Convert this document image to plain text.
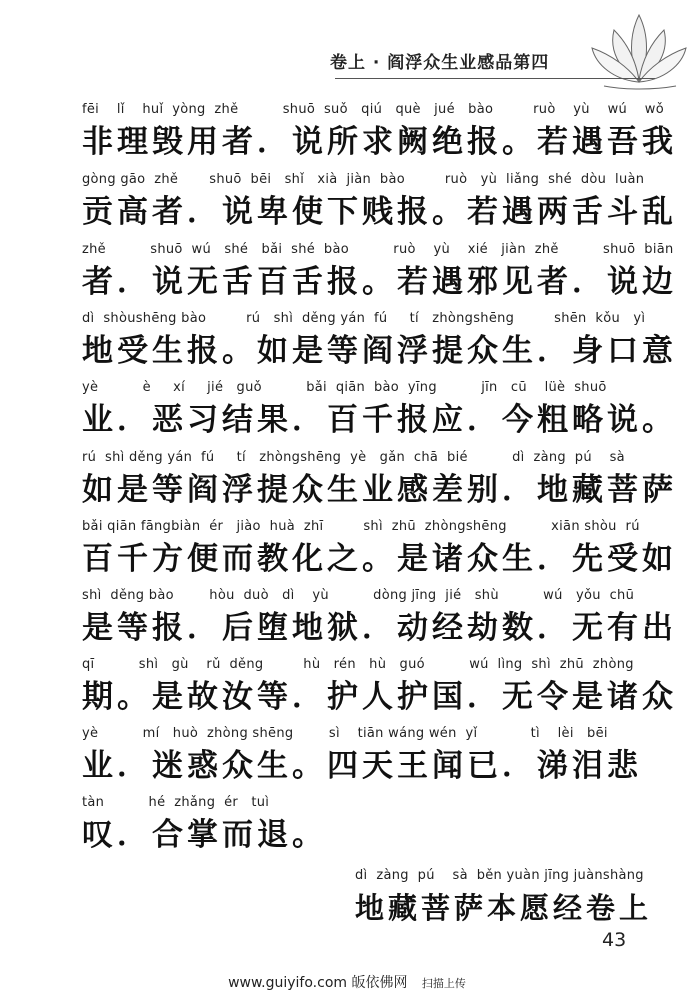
卷上 · 阎浮众生业感品第四
fēi    lǐ    huǐ  yòng  zhě          shuō  suǒ   qiú   què   jué   bào         ruò    yù    wú    wǒ
非理毁用者．说所求阙绝报。若遇吾我
gòng gāo  zhě       shuō  bēi   shǐ   xià  jiàn  bào         ruò   yù  liǎng  shé  dòu  luàn
贡高者．说卑使下贱报。若遇两舌斗乱
zhě          shuō  wú   shé   bǎi  shé  bào          ruò    yù    xié   jiàn  zhě          shuō  biān
者．说无舌百舌报。若遇邪见者．说边
dì  shòushēng bào         rú   shì  děng yán  fú     tí   zhòngshēng         shēn  kǒu   yì
地受生报。如是等阎浮提众生．身口意
yè          è     xí     jié   guǒ          bǎi  qiān  bào  yīng          jīn   cū    lüè  shuō
业．恶习结果．百千报应．今粗略说。
rú  shì děng yán  fú     tí   zhòngshēng  yè   gǎn  chā  bié          dì  zàng  pú    sà
如是等阎浮提众生业感差别．地藏菩萨
bǎi qiān fāngbiàn  ér   jiào  huà  zhī         shì  zhū  zhòngshēng          xiān shòu  rú
百千方便而教化之。是诸众生．先受如
shì  děng bào        hòu  duò   dì    yù          dòng jīng  jié   shù          wú   yǒu  chū
是等报．后堕地狱．动经劫数．无有出
qī          shì   gù    rǔ  děng         hù   rén   hù   guó          wú  lìng  shì  zhū  zhòng
期。是故汝等．护人护国．无令是诸众
yè          mí   huò  zhòng shēng        sì    tiān wáng wén  yǐ            tì    lèi   bēi
业．迷惑众生。四天王闻已．涕泪悲
tàn          hé  zhǎng  ér   tuì
叹．合掌而退。
dì  zàng  pú    sà  běn yuàn jīng juànshàng
地藏菩萨本愿经卷上
43
www.guiyifo.com 皈依佛网 扫描上传
